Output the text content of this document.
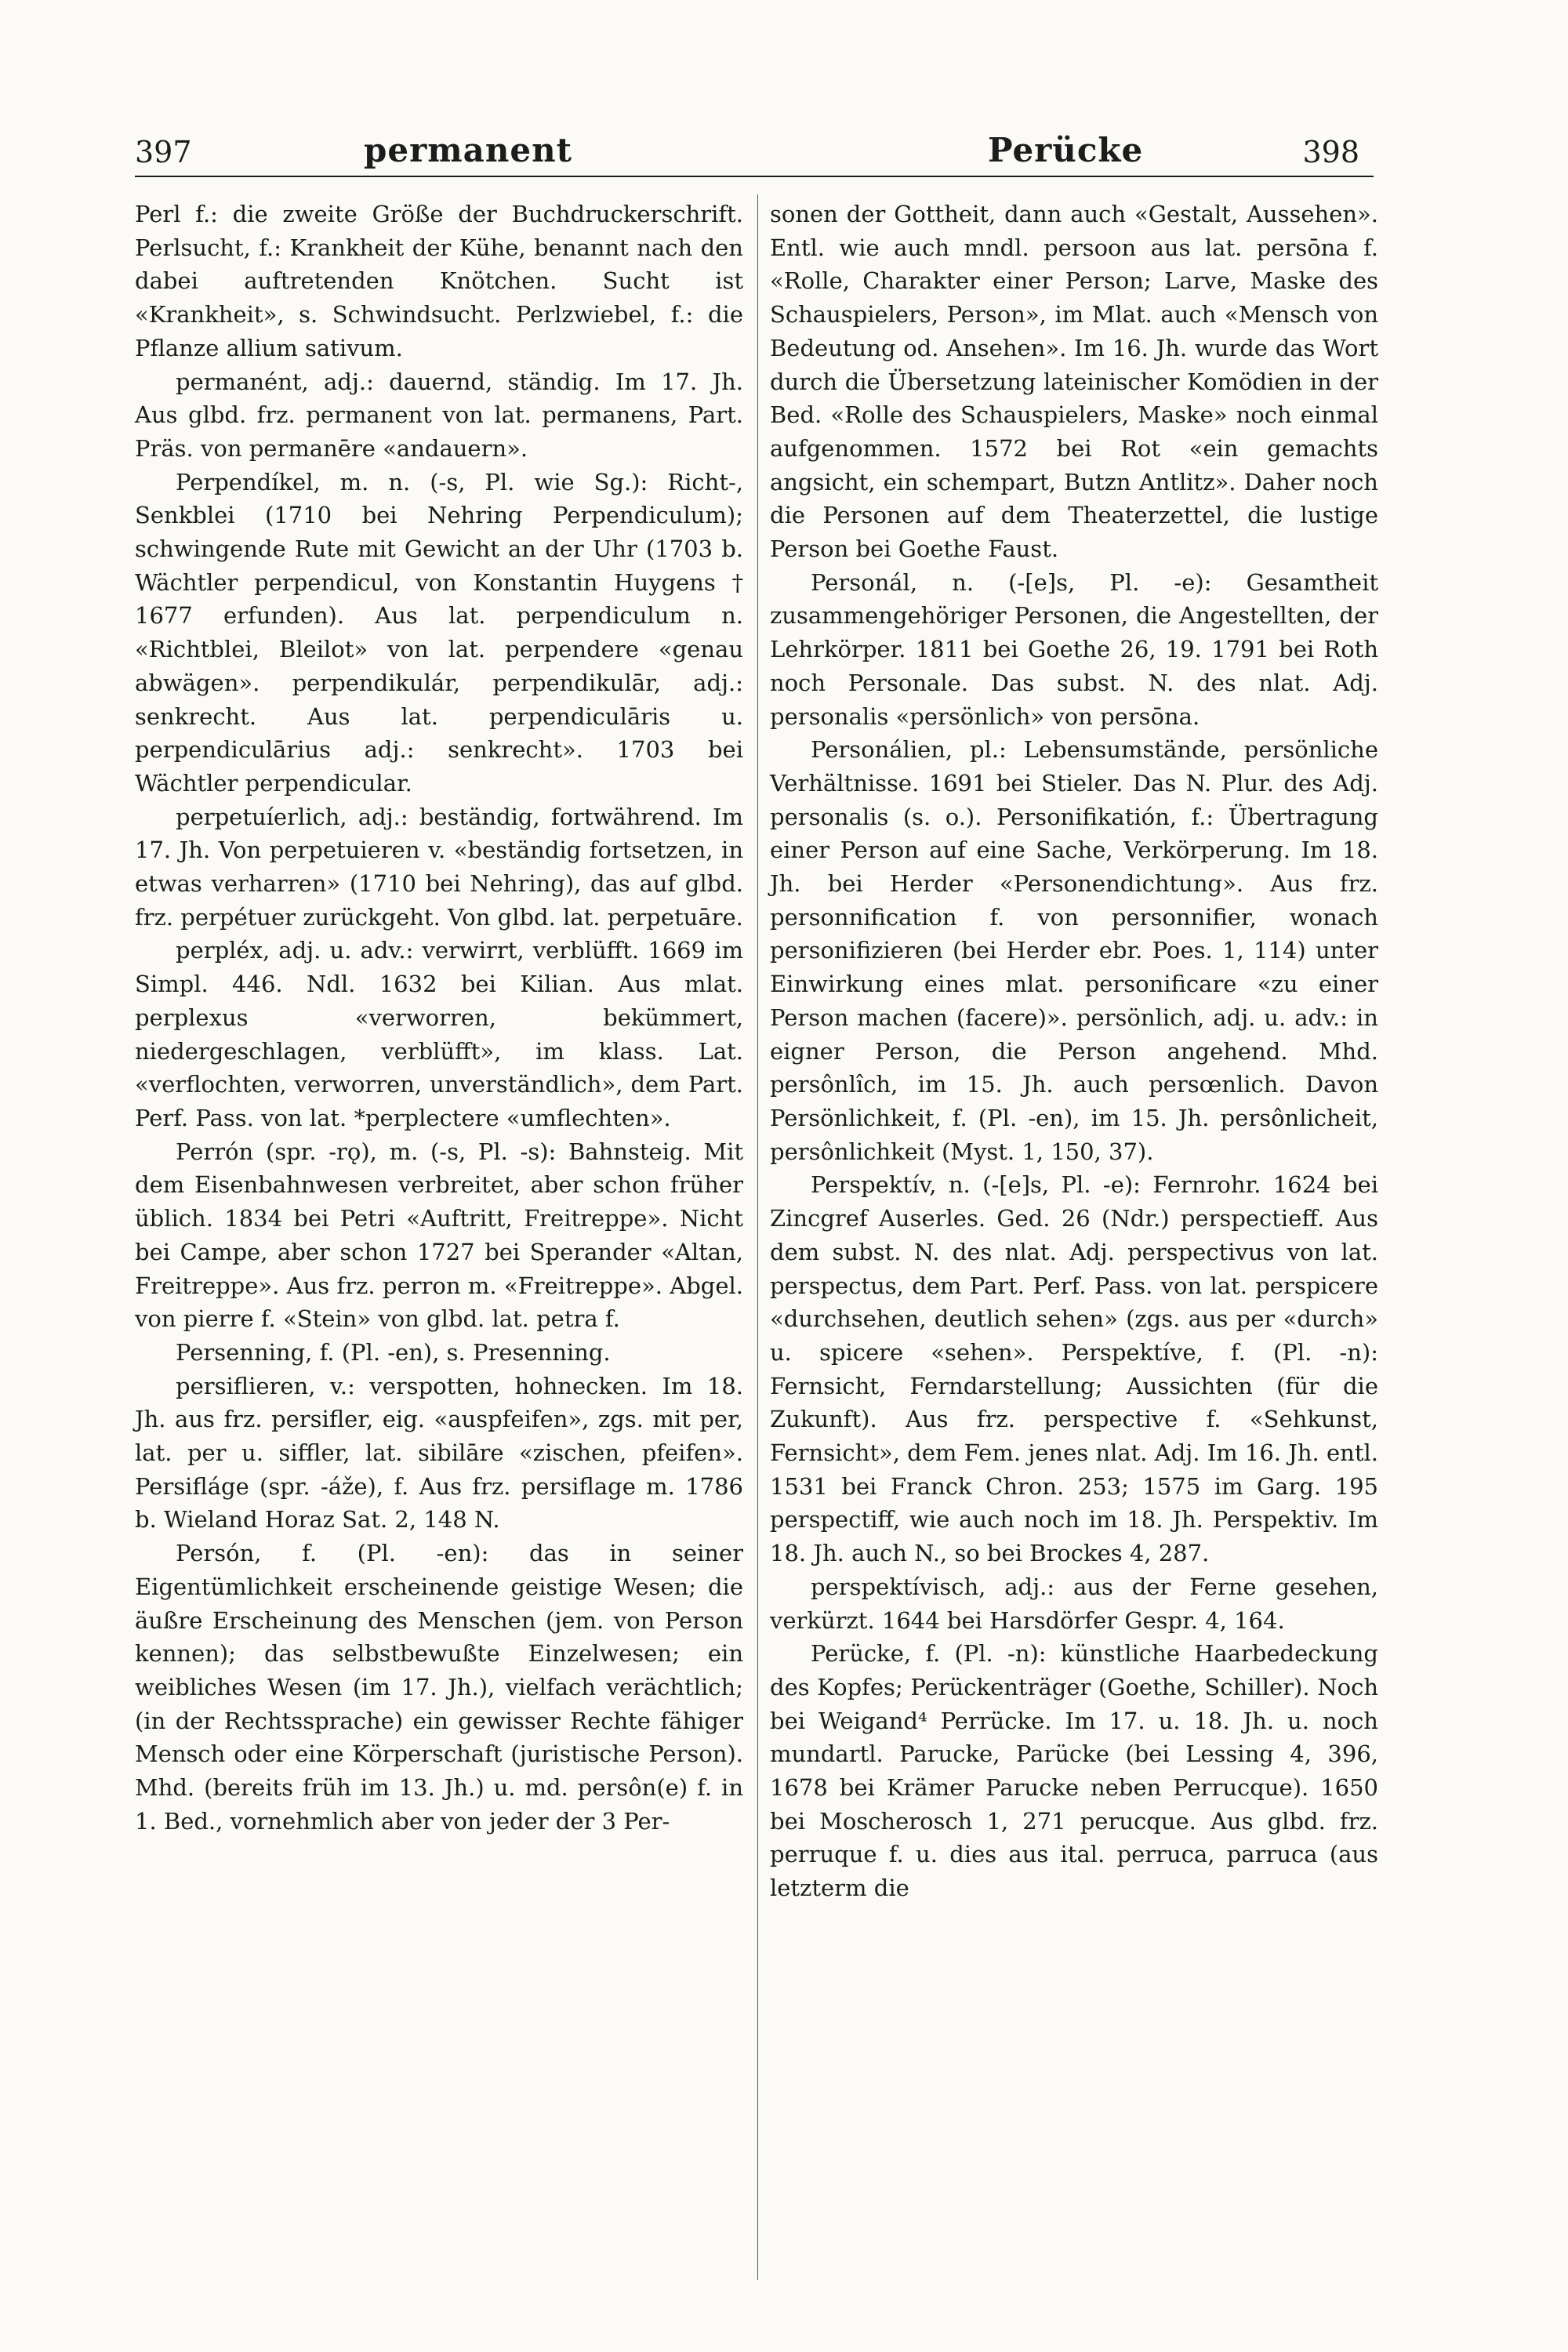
397	permanent	Perücke	398

Perl f.: die zweite Größe der Buchdruckerschrift. Perlsucht, f.: Krankheit der Kühe, benannt nach den dabei auftretenden Knötchen. Sucht ist «Krankheit», s. Schwindsucht. Perlzwiebel, f.: die Pflanze allium sativum.

permanént, adj.: dauernd, ständig. Im 17. Jh. Aus glbd. frz. permanent von lat. permanens, Part. Präs. von permanēre «andauern».

Perpendíkel, m. n. (-s, Pl. wie Sg.): Richt-, Senkblei (1710 bei Nehring Perpendiculum); schwingende Rute mit Gewicht an der Uhr (1703 b. Wächtler perpendicul, von Konstantin Huygens † 1677 erfunden). Aus lat. perpendiculum n. «Richtblei, Bleilot» von lat. perpendere «genau abwägen». perpendikulár, perpendikulār, adj.: senkrecht. Aus lat. perpendiculāris u. perpendiculārius adj.: senkrecht». 1703 bei Wächtler perpendicular.

perpetuíerlich, adj.: beständig, fortwährend. Im 17. Jh. Von perpetuieren v. «beständig fortsetzen, in etwas verharren» (1710 bei Nehring), das auf glbd. frz. perpétuer zurückgeht. Von glbd. lat. perpetuāre.

perpléx, adj. u. adv.: verwirrt, verblüfft. 1669 im Simpl. 446. Ndl. 1632 bei Kilian. Aus mlat. perplexus «verworren, bekümmert, niedergeschlagen, verblüfft», im klass. Lat. «verflochten, verworren, unverständlich», dem Part. Perf. Pass. von lat. *perplectere «umflechten».

Perrón (spr. -rǫ), m. (-s, Pl. -s): Bahnsteig. Mit dem Eisenbahnwesen verbreitet, aber schon früher üblich. 1834 bei Petri «Auftritt, Freitreppe». Nicht bei Campe, aber schon 1727 bei Sperander «Altan, Freitreppe». Aus frz. perron m. «Freitreppe». Abgel. von pierre f. «Stein» von glbd. lat. petra f.

Persenning, f. (Pl. -en), s. Presenning.

persiflieren, v.: verspotten, hohnecken. Im 18. Jh. aus frz. persifler, eig. «auspfeifen», zgs. mit per, lat. per u. siffler, lat. sibilāre «zischen, pfeifen». Persifláge (spr. -áže), f. Aus frz. persiflage m. 1786 b. Wieland Horaz Sat. 2, 148 N.

Persón, f. (Pl. -en): das in seiner Eigentümlichkeit erscheinende geistige Wesen; die äußre Erscheinung des Menschen (jem. von Person kennen); das selbstbewußte Einzelwesen; ein weibliches Wesen (im 17. Jh.), vielfach verächtlich; (in der Rechtssprache) ein gewisser Rechte fähiger Mensch oder eine Körperschaft (juristische Person). Mhd. (bereits früh im 13. Jh.) u. md. persôn(e) f. in 1. Bed., vornehmlich aber von jeder der 3 Per-

sonen der Gottheit, dann auch «Gestalt, Aussehen». Entl. wie auch mndl. persoon aus lat. persōna f. «Rolle, Charakter einer Person; Larve, Maske des Schauspielers, Person», im Mlat. auch «Mensch von Bedeutung od. Ansehen». Im 16. Jh. wurde das Wort durch die Übersetzung lateinischer Komödien in der Bed. «Rolle des Schauspielers, Maske» noch einmal aufgenommen. 1572 bei Rot «ein gemachts angsicht, ein schempart, Butzn Antlitz». Daher noch die Personen auf dem Theaterzettel, die lustige Person bei Goethe Faust.

Personál, n. (-[e]s, Pl. -e): Gesamtheit zusammengehöriger Personen, die Angestellten, der Lehrkörper. 1811 bei Goethe 26, 19. 1791 bei Roth noch Personale. Das subst. N. des nlat. Adj. personalis «persönlich» von persōna.

Personálien, pl.: Lebensumstände, persönliche Verhältnisse. 1691 bei Stieler. Das N. Plur. des Adj. personalis (s. o.). Personifikatión, f.: Übertragung einer Person auf eine Sache, Verkörperung. Im 18. Jh. bei Herder «Personendichtung». Aus frz. personnification f. von personnifier, wonach personifizieren (bei Herder ebr. Poes. 1, 114) unter Einwirkung eines mlat. personificare «zu einer Person machen (facere)». persönlich, adj. u. adv.: in eigner Person, die Person angehend. Mhd. persônlîch, im 15. Jh. auch persœnlich. Davon Persönlichkeit, f. (Pl. -en), im 15. Jh. persônlicheit, persônlichkeit (Myst. 1, 150, 37).

Perspektív, n. (-[e]s, Pl. -e): Fernrohr. 1624 bei Zincgref Auserles. Ged. 26 (Ndr.) perspectieff. Aus dem subst. N. des nlat. Adj. perspectivus von lat. perspectus, dem Part. Perf. Pass. von lat. perspicere «durchsehen, deutlich sehen» (zgs. aus per «durch» u. spicere «sehen». Perspektíve, f. (Pl. -n): Fernsicht, Ferndarstellung; Aussichten (für die Zukunft). Aus frz. perspective f. «Sehkunst, Fernsicht», dem Fem. jenes nlat. Adj. Im 16. Jh. entl. 1531 bei Franck Chron. 253; 1575 im Garg. 195 perspectiff, wie auch noch im 18. Jh. Perspektiv. Im 18. Jh. auch N., so bei Brockes 4, 287.

perspektívisch, adj.: aus der Ferne gesehen, verkürzt. 1644 bei Harsdörfer Gespr. 4, 164.

Perücke, f. (Pl. -n): künstliche Haarbedeckung des Kopfes; Perückenträger (Goethe, Schiller). Noch bei Weigand⁴ Perrücke. Im 17. u. 18. Jh. u. noch mundartl. Parucke, Parücke (bei Lessing 4, 396, 1678 bei Krämer Parucke neben Perrucque). 1650 bei Moscherosch 1, 271 perucque. Aus glbd. frz. perruque f. u. dies aus ital. perruca, parruca (aus letzterm die
